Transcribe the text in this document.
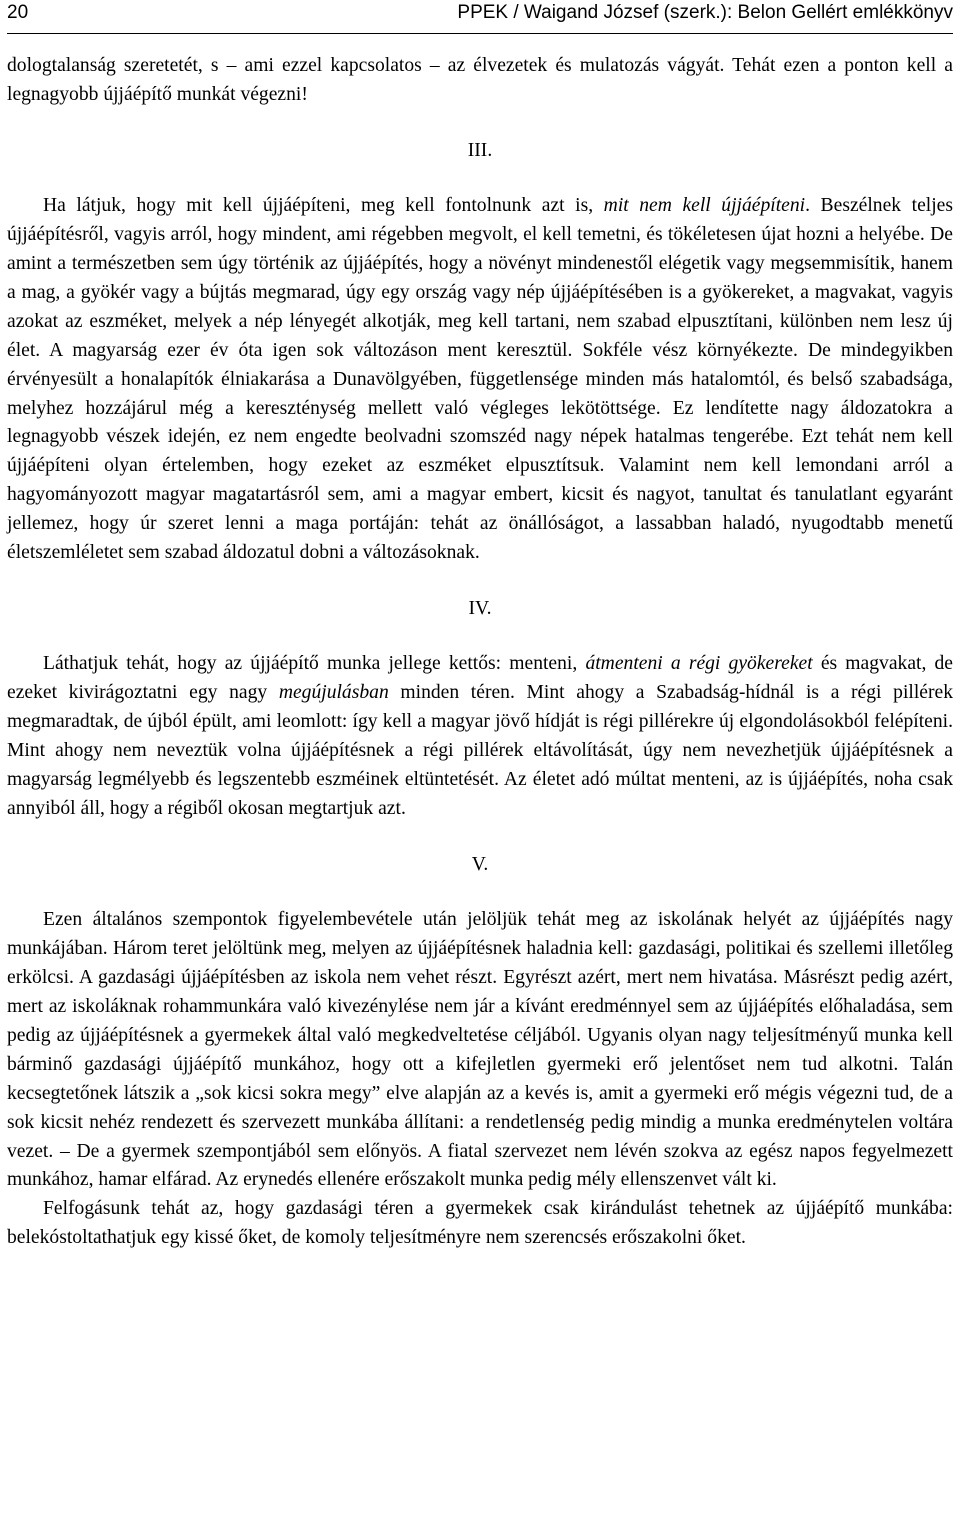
20	PPEK / Waigand József (szerk.): Belon Gellért emlékkönyv

dologtalanság szeretetét, s – ami ezzel kapcsolatos – az élvezetek és mulatozás vágyát. Tehát ezen a ponton kell a legnagyobb újjáépítő munkát végezni!

III.

Ha látjuk, hogy mit kell újjáépíteni, meg kell fontolnunk azt is, mit nem kell újjáépíteni. Beszélnek teljes újjáépítésről, vagyis arról, hogy mindent, ami régebben megvolt, el kell temetni, és tökéletesen újat hozni a helyébe. De amint a természetben sem úgy történik az újjáépítés, hogy a növényt mindenestől elégetik vagy megsemmisítik, hanem a mag, a gyökér vagy a bújtás megmarad, úgy egy ország vagy nép újjáépítésében is a gyökereket, a magvakat, vagyis azokat az eszméket, melyek a nép lényegét alkotják, meg kell tartani, nem szabad elpusztítani, különben nem lesz új élet. A magyarság ezer év óta igen sok változáson ment keresztül. Sokféle vész környékezte. De mindegyikben érvényesült a honalapítók élniakarása a Dunavölgyében, függetlensége minden más hatalomtól, és belső szabadsága, melyhez hozzájárul még a kereszténység mellett való végleges lekötöttsége. Ez lendítette nagy áldozatokra a legnagyobb vészek idején, ez nem engedte beolvadni szomszéd nagy népek hatalmas tengerébe. Ezt tehát nem kell újjáépíteni olyan értelemben, hogy ezeket az eszméket elpusztítsuk. Valamint nem kell lemondani arról a hagyományozott magyar magatartásról sem, ami a magyar embert, kicsit és nagyot, tanultat és tanulatlant egyaránt jellemez, hogy úr szeret lenni a maga portáján: tehát az önállóságot, a lassabban haladó, nyugodtabb menetű életszemléletet sem szabad áldozatul dobni a változásoknak.

IV.

Láthatjuk tehát, hogy az újjáépítő munka jellege kettős: menteni, átmenteni a régi gyökereket és magvakat, de ezeket kivirágoztatni egy nagy megújulásban minden téren. Mint ahogy a Szabadság-hídnál is a régi pillérek megmaradtak, de újból épült, ami leomlott: így kell a magyar jövő hídját is régi pillérekre új elgondolásokból felépíteni. Mint ahogy nem neveztük volna újjáépítésnek a régi pillérek eltávolítását, úgy nem nevezhetjük újjáépítésnek a magyarság legmélyebb és legszentebb eszméinek eltüntetését. Az életet adó múltat menteni, az is újjáépítés, noha csak annyiból áll, hogy a régiből okosan megtartjuk azt.

V.

Ezen általános szempontok figyelembevétele után jelöljük tehát meg az iskolának helyét az újjáépítés nagy munkájában. Három teret jelöltünk meg, melyen az újjáépítésnek haladnia kell: gazdasági, politikai és szellemi illetőleg erkölcsi. A gazdasági újjáépítésben az iskola nem vehet részt. Egyrészt azért, mert nem hivatása. Másrészt pedig azért, mert az iskoláknak rohammunkára való kivezénylése nem jár a kívánt eredménnyel sem az újjáépítés előhaladása, sem pedig az újjáépítésnek a gyermekek által való megkedveltetése céljából. Ugyanis olyan nagy teljesítményű munka kell bárminő gazdasági újjáépítő munkához, hogy ott a kifejletlen gyermeki erő jelentőset nem tud alkotni. Talán kecsegtetőnek látszik a „sok kicsi sokra megy” elve alapján az a kevés is, amit a gyermeki erő mégis végezni tud, de a sok kicsit nehéz rendezett és szervezett munkába állítani: a rendetlenség pedig mindig a munka eredménytelen voltára vezet. – De a gyermek szempontjából sem előnyös. A fiatal szervezet nem lévén szokva az egész napos fegyelmezett munkához, hamar elfárad. Az erynedés ellenére erőszakolt munka pedig mély ellenszenvet vált ki.

Felfogásunk tehát az, hogy gazdasági téren a gyermekek csak kirándulást tehetnek az újjáépítő munkába: belekóstoltathatjuk egy kissé őket, de komoly teljesítményre nem szerencsés erőszakolni őket.
